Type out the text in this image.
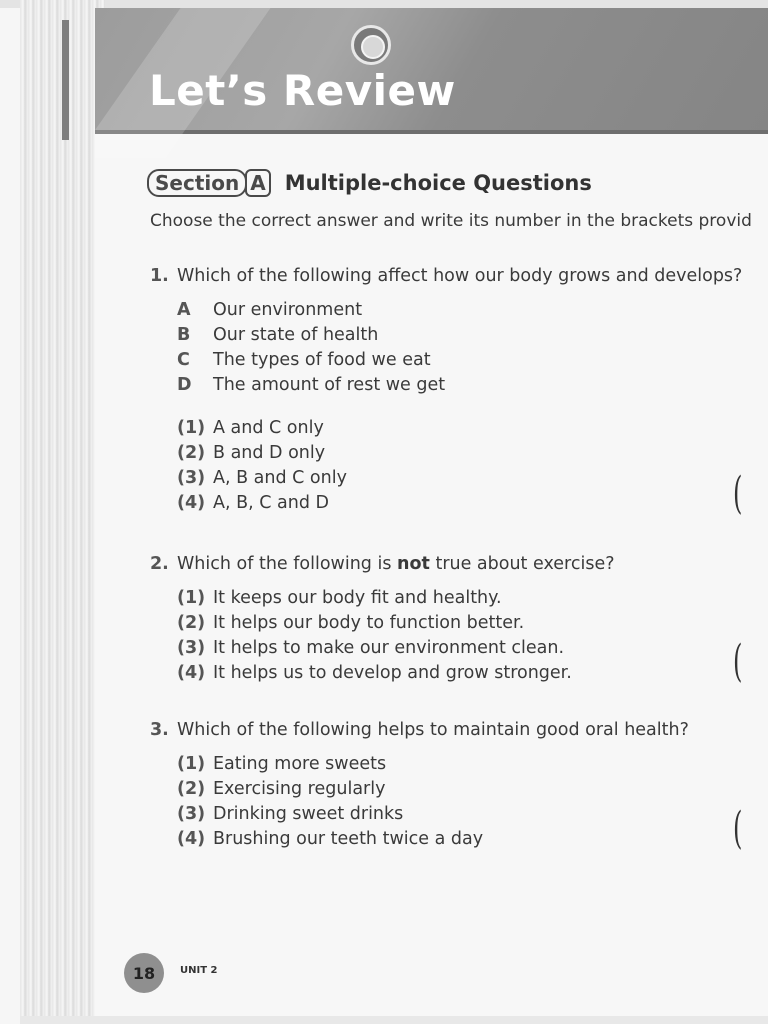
Let’s Review
Section A Multiple-choice Questions
Choose the correct answer and write its number in the brackets provid
1. Which of the following affect how our body grows and develops?
A	Our environment
B	Our state of health
C	The types of food we eat
D	The amount of rest we get
(1) A and C only
(2) B and D only
(3) A, B and C only
(4) A, B, C and D	(
2. Which of the following is not true about exercise?
(1) It keeps our body fit and healthy.
(2) It helps our body to function better.
(3) It helps to make our environment clean.
(4) It helps us to develop and grow stronger.	(
3. Which of the following helps to maintain good oral health?
(1) Eating more sweets
(2) Exercising regularly
(3) Drinking sweet drinks
(4) Brushing our teeth twice a day	(
18	UNIT 2
